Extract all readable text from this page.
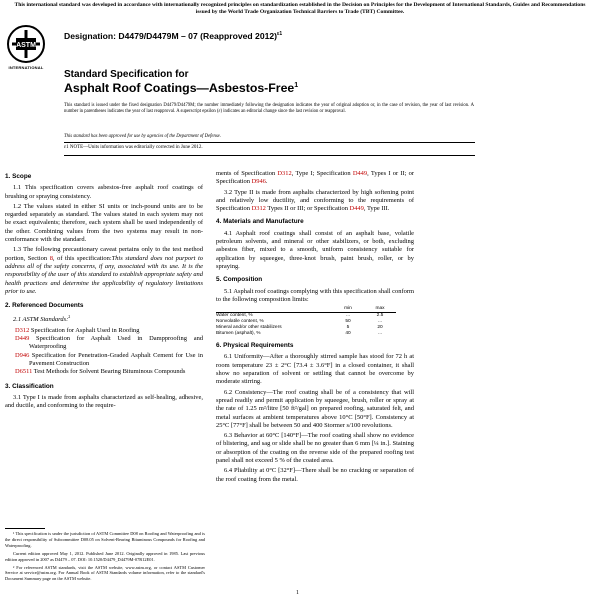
This international standard was developed in accordance with internationally recognized principles on standardization established in the Decision on Principles for the Development of International Standards, Guides and Recommendations issued by the World Trade Organization Technical Barriers to Trade (TBT) Committee.
ASTM
INTERNATIONAL
Designation: D4479/D4479M – 07 (Reapproved 2012)$^{\varepsilon 1}$
Standard Specification for
Asphalt Roof Coatings—Asbestos-Free$^1$
This standard is issued under the fixed designation D4479/D4479M; the number immediately following the designation indicates the year of original adoption or, in the case of revision, the year of last revision. A number in parentheses indicates the year of last reapproval. A superscript epsilon (ε) indicates an editorial change since the last revision or reapproval.
This standard has been approved for use by agencies of the Department of Defense.
ε1 NOTE—Units information was editorially corrected in June 2012.
1. Scope

1.1 This specification covers asbestos-free asphalt roof coatings of brushing or spraying consistency.

1.2 The values stated in either SI units or inch-pound units are to be regarded separately as standard. The values stated in each system may not be exact equivalents; therefore, each system shall be used independently of the other. Combining values from the two systems may result in non-conformance with the standard.

1.3 The following precautionary caveat pertains only to the test method portion, Section 8, of this specification:This standard does not purport to address all of the safety concerns, if any, associated with its use. It is the responsibility of the user of this standard to establish appropriate safety and health practices and determine the applicability of regulatory limitations prior to use.

2. Referenced Documents

2.1 ASTM Standards:$^2$

D312 Specification for Asphalt Used in Roofing
D449 Specification for Asphalt Used in Dampproofing and Waterproofing
D946 Specification for Penetration-Graded Asphalt Cement for Use in Pavement Construction
D6511 Test Methods for Solvent Bearing Bituminous Compounds
3. Classification

3.1 Type I is made from asphalts characterized as self-healing, adhesive, and ductile, and conforming to the require-

¹ This specification is under the jurisdiction of ASTM Committee D08 on Roofing and Waterproofing and is the direct responsibility of Subcommittee D08.05 on Solvent-Bearing Bituminous Compounds for Roofing and Waterproofing.

Current edition approved May 1, 2012. Published June 2012. Originally approved in 1985. Last previous edition approved in 2007 as D4479 – 07. DOI: 10.1520/D4479_D4479M-07R12E01.

² For referenced ASTM standards, visit the ASTM website, www.astm.org, or contact ASTM Customer Service at service@astm.org. For Annual Book of ASTM Standards volume information, refer to the standard's Document Summary page on the ASTM website.

ments of Specification D312, Type I; Specification D449, Types I or II; or Specification D946.

3.2 Type II is made from asphalts characterized by high softening point and relatively low ductility, and conforming to the requirements of Specification D312 Types II or III; or Specification D449, Type III.

4. Materials and Manufacture

4.1 Asphalt roof coatings shall consist of an asphalt base, volatile petroleum solvents, and mineral or other stabilizers, or both, excluding asbestos fiber, mixed to a smooth, uniform consistency suitable for application by squeegee, three-knot brush, paint brush, roller, or by spraying.

5. Composition

5.1 Asphalt roof coatings complying with this specification shall conform to the following composition limits:

	min	max
Water content, %	...	2.5
Nonvolatile content, %	50	...
Mineral and/or other stabilizers	5	20
Bitumen (asphalt), %	40	...
6. Physical Requirements

6.1 Uniformity—After a thoroughly stirred sample has stood for 72 h at room temperature 23 ± 2°C [73.4 ± 3.6°F] in a closed container, it shall show no separation of solvent or settling that cannot be overcome by moderate stirring.

6.2 Consistency—The roof coating shall be of a consistency that will spread readily and permit application by squeegee, brush, roller or spray at the rate of 1.25 m²/litre [50 ft²/gal] on prepared roofing, saturated felt, and metal surfaces at ambient temperatures above 10°C [50°F]. Consistency at 25°C [77°F] shall be between 50 and 400 Stormer s/100 revolutions.

6.3 Behavior at 60°C [140°F]—The roof coating shall show no evidence of blistering, and sag or slide shall be no greater than 6 mm [¼ in.]. Staining or absorption of the coating on the reverse side of the prepared roofing test panel shall not exceed 5 % of the coated area.

6.4 Pliability at 0°C [32°F]—There shall be no cracking or separation of the roof coating from the metal.

1
